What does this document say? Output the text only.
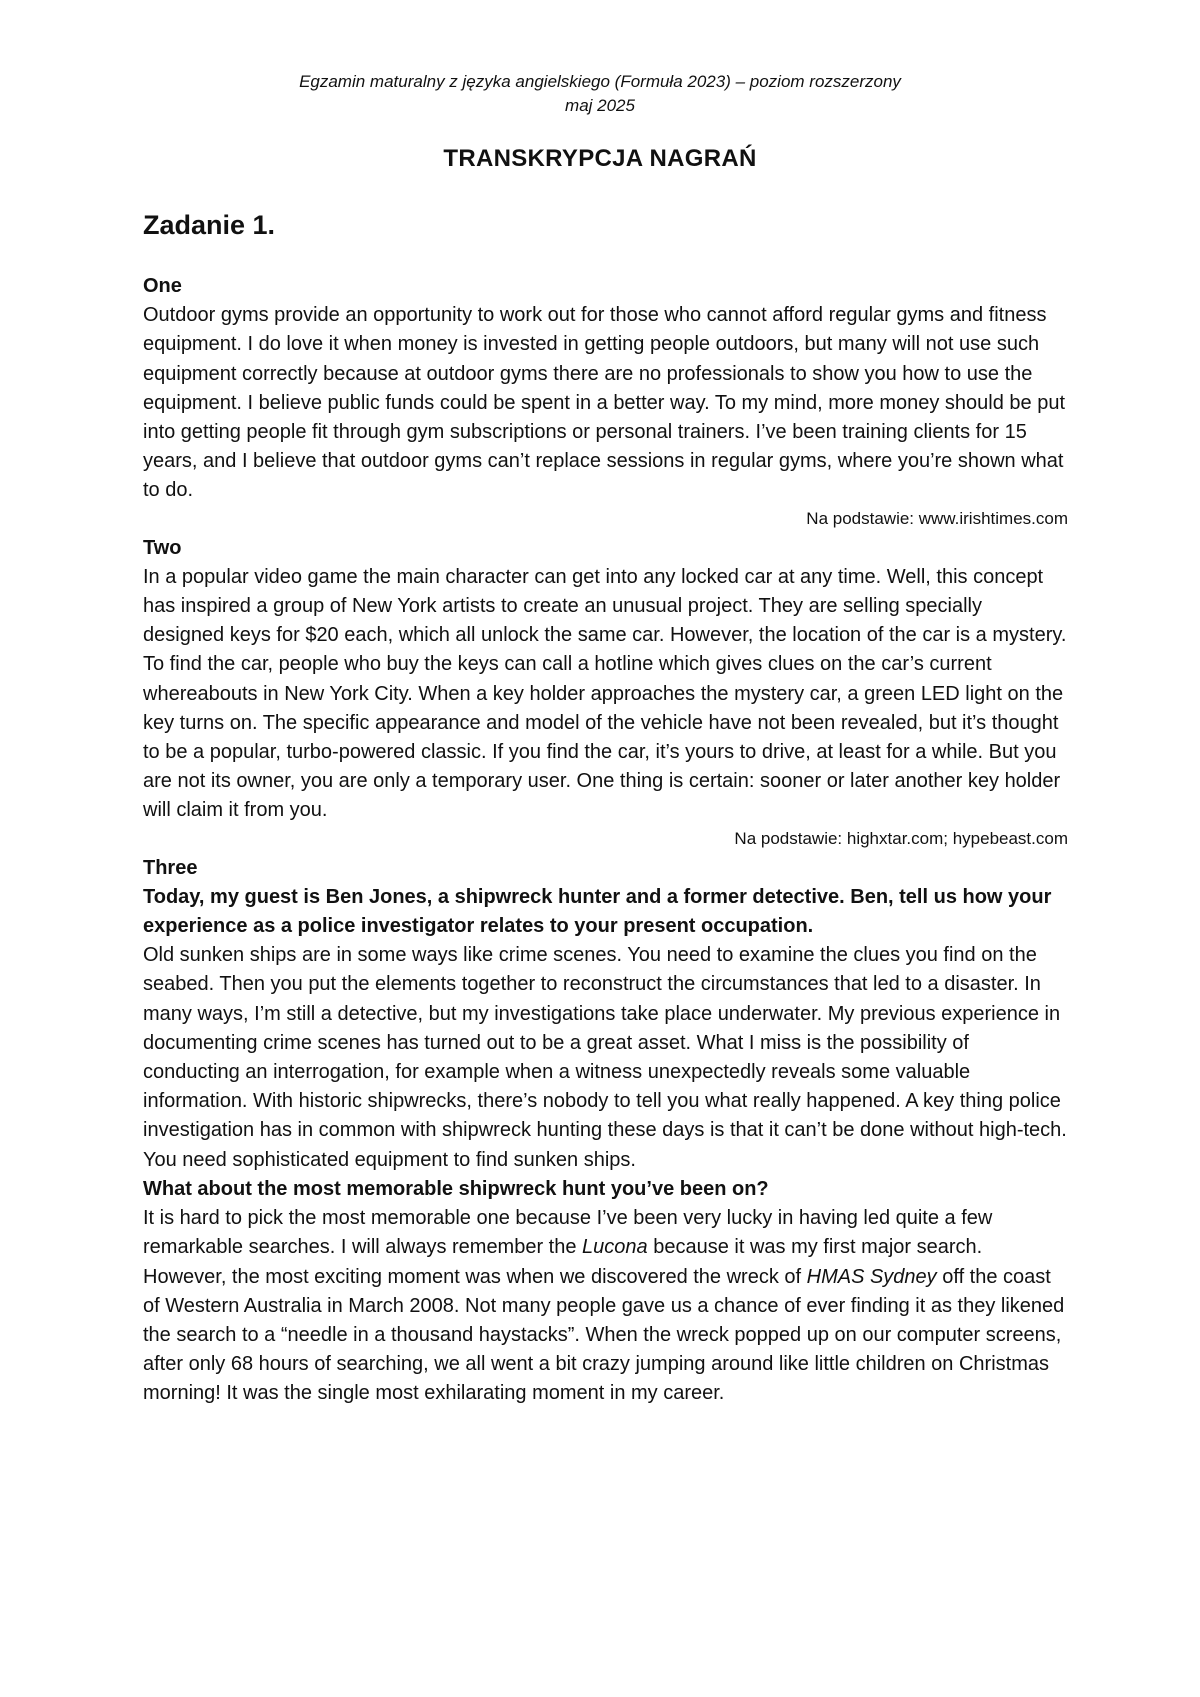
Egzamin maturalny z języka angielskiego (Formuła 2023) – poziom rozszerzony
maj 2025
TRANSKRYPCJA NAGRAŃ
Zadanie 1.

One

Outdoor gyms provide an opportunity to work out for those who cannot afford regular gyms and fitness equipment. I do love it when money is invested in getting people outdoors, but many will not use such equipment correctly because at outdoor gyms there are no professionals to show you how to use the equipment. I believe public funds could be spent in a better way. To my mind, more money should be put into getting people fit through gym subscriptions or personal trainers. I’ve been training clients for 15 years, and I believe that outdoor gyms can’t replace sessions in regular gyms, where you’re shown what to do.

Na podstawie: www.irishtimes.com

Two

In a popular video game the main character can get into any locked car at any time. Well, this concept has inspired a group of New York artists to create an unusual project. They are selling specially designed keys for $20 each, which all unlock the same car. However, the location of the car is a mystery. To find the car, people who buy the keys can call a hotline which gives clues on the car’s current whereabouts in New York City. When a key holder approaches the mystery car, a green LED light on the key turns on. The specific appearance and model of the vehicle have not been revealed, but it’s thought to be a popular, turbo-powered classic. If you find the car, it’s yours to drive, at least for a while. But you are not its owner, you are only a temporary user. One thing is certain: sooner or later another key holder will claim it from you.

Na podstawie: highxtar.com; hypebeast.com

Three

Today, my guest is Ben Jones, a shipwreck hunter and a former detective. Ben, tell us how your experience as a police investigator relates to your present occupation.

Old sunken ships are in some ways like crime scenes. You need to examine the clues you find on the seabed. Then you put the elements together to reconstruct the circumstances that led to a disaster. In many ways, I’m still a detective, but my investigations take place underwater. My previous experience in documenting crime scenes has turned out to be a great asset. What I miss is the possibility of conducting an interrogation, for example when a witness unexpectedly reveals some valuable information. With historic shipwrecks, there’s nobody to tell you what really happened. A key thing police investigation has in common with shipwreck hunting these days is that it can’t be done without high-tech. You need sophisticated equipment to find sunken ships.

What about the most memorable shipwreck hunt you’ve been on?

It is hard to pick the most memorable one because I’ve been very lucky in having led quite a few remarkable searches. I will always remember the Lucona because it was my first major search. However, the most exciting moment was when we discovered the wreck of HMAS Sydney off the coast of Western Australia in March 2008. Not many people gave us a chance of ever finding it as they likened the search to a “needle in a thousand haystacks”. When the wreck popped up on our computer screens, after only 68 hours of searching, we all went a bit crazy jumping around like little children on Christmas morning! It was the single most exhilarating moment in my career.
